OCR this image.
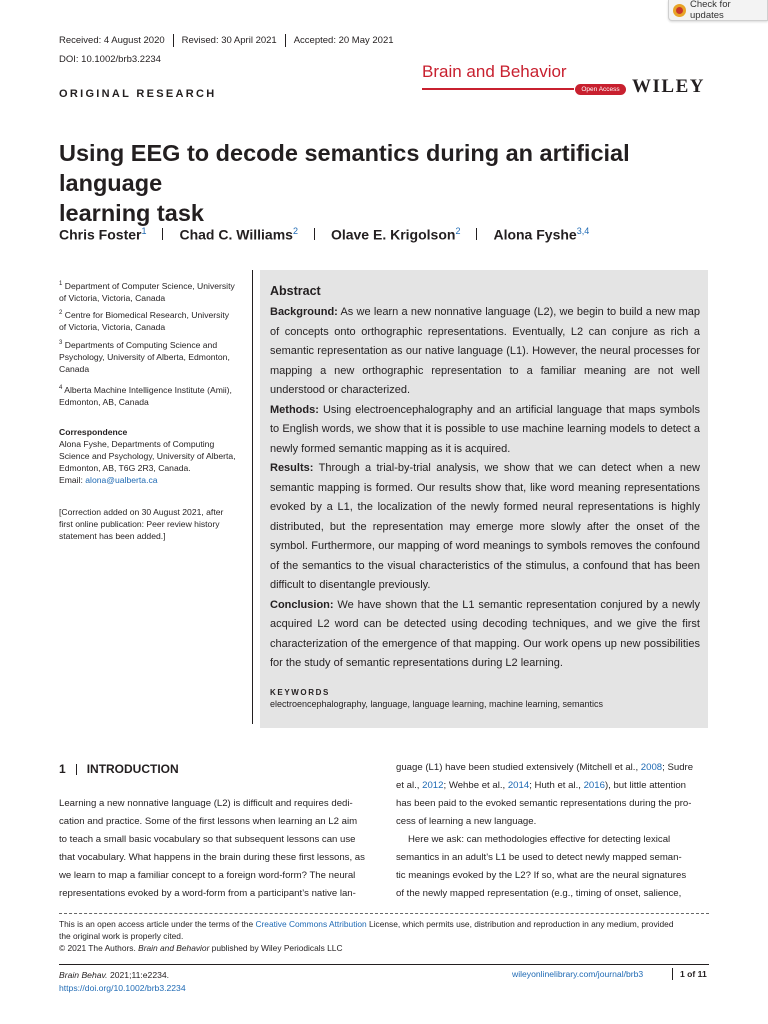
Check for updates
Received: 4 August 2020 Revised: 30 April 2021 Accepted: 20 May 2021
DOI: 10.1002/brb3.2234
ORIGINAL RESEARCH
Brain and Behavior
Open Access WILEY
Using EEG to decode semantics during an artificial language
learning task
Chris Foster$^1$ Chad C. Williams$^2$ Olave E. Krigolson$^2$ Alona Fyshe$^{3,4}$
$^1$ Department of Computer Science, University
of Victoria, Victoria, Canada
$^2$ Centre for Biomedical Research, University
of Victoria, Victoria, Canada
$^3$ Departments of Computing Science and
Psychology, University of Alberta, Edmonton,
Canada
$^4$ Alberta Machine Intelligence Institute (Amii),
Edmonton, AB, Canada
Correspondence
Alona Fyshe, Departments of Computing
Science and Psychology, University of Alberta,
Edmonton, AB, T6G 2R3, Canada.
Email: alona@ualberta.ca
[Correction added on 30 August 2021, after
first online publication: Peer review history
statement has been added.]
Abstract

Background: As we learn a new nonnative language (L2), we begin to build a new map of concepts onto orthographic representations. Eventually, L2 can conjure as rich a semantic representation as our native language (L1). However, the neural processes for mapping a new orthographic representation to a familiar meaning are not well understood or characterized.

Methods: Using electroencephalography and an artificial language that maps symbols to English words, we show that it is possible to use machine learning models to detect a newly formed semantic mapping as it is acquired.

Results: Through a trial-by-trial analysis, we show that we can detect when a new semantic mapping is formed. Our results show that, like word meaning representations evoked by a L1, the localization of the newly formed neural representations is highly distributed, but the representation may emerge more slowly after the onset of the symbol. Furthermore, our mapping of word meanings to symbols removes the confound of the semantics to the visual characteristics of the stimulus, a confound that has been difficult to disentangle previously.

Conclusion: We have shown that the L1 semantic representation conjured by a newly acquired L2 word can be detected using decoding techniques, and we give the first characterization of the emergence of that mapping. Our work opens up new possibilities for the study of semantic representations during L2 learning.

KEYWORDS
electroencephalography, language, language learning, machine learning, semantics
1 INTRODUCTION
Learning a new nonnative language (L2) is difficult and requires dedi-
cation and practice. Some of the first lessons when learning an L2 aim
to teach a small basic vocabulary so that subsequent lessons can use
that vocabulary. What happens in the brain during these first lessons, as
we learn to map a familiar concept to a foreign word-form? The neural
representations evoked by a word-form from a participant’s native lan-
guage (L1) have been studied extensively (Mitchell et al., 2008; Sudre
et al., 2012; Wehbe et al., 2014; Huth et al., 2016), but little attention
has been paid to the evoked semantic representations during the pro-
cess of learning a new language.
Here we ask: can methodologies effective for detecting lexical
semantics in an adult’s L1 be used to detect newly mapped seman-
tic meanings evoked by the L2? If so, what are the neural signatures
of the newly mapped representation (e.g., timing of onset, salience,
This is an open access article under the terms of the Creative Commons Attribution License, which permits use, distribution and reproduction in any medium, provided
the original work is properly cited.
© 2021 The Authors. Brain and Behavior published by Wiley Periodicals LLC
Brain Behav. 2021;11:e2234.
https://doi.org/10.1002/brb3.2234
wileyonlinelibrary.com/journal/brb3	1 of 11
